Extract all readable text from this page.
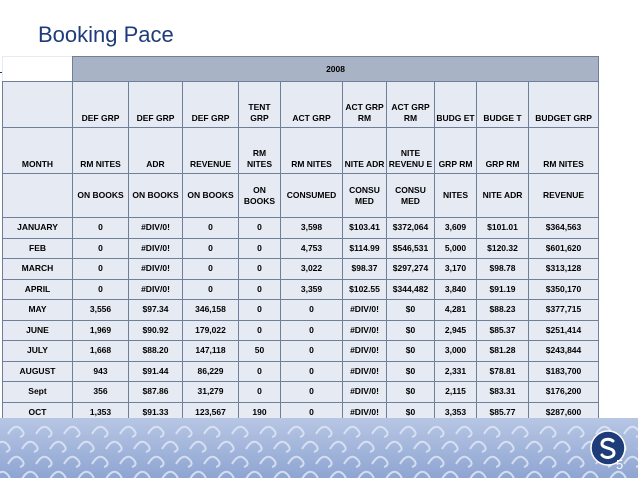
Booking Pace
	2008									
	DEF GRP	DEF GRP	DEF GRP	TENT GRP	ACT GRP	ACT GRP RM	ACT GRP RM	BUDG ET	BUDGE T	BUDGET GRP
MONTH	RM NITES	ADR	REVENUE	RM NITES	RM NITES	NITE ADR	NITE REVENU E	GRP RM	GRP RM	RM NITES
	ON BOOKS	ON BOOKS	ON BOOKS	ON BOOKS	CONSUMED	CONSU MED	CONSU MED	NITES	NITE ADR	REVENUE
JANUARY	0	#DIV/0!	0	0	3,598	$103.41	$372,064	3,609	$101.01	$364,563
FEB	0	#DIV/0!	0	0	4,753	$114.99	$546,531	5,000	$120.32	$601,620
MARCH	0	#DIV/0!	0	0	3,022	$98.37	$297,274	3,170	$98.78	$313,128
APRIL	0	#DIV/0!	0	0	3,359	$102.55	$344,482	3,840	$91.19	$350,170
MAY	3,556	$97.34	346,158	0	0	#DIV/0!	$0	4,281	$88.23	$377,715
JUNE	1,969	$90.92	179,022	0	0	#DIV/0!	$0	2,945	$85.37	$251,414
JULY	1,668	$88.20	147,118	50	0	#DIV/0!	$0	3,000	$81.28	$243,844
AUGUST	943	$91.44	86,229	0	0	#DIV/0!	$0	2,331	$78.81	$183,700
Sept	356	$87.86	31,279	0	0	#DIV/0!	$0	2,115	$83.31	$176,200
OCT	1,353	$91.33	123,567	190	0	#DIV/0!	$0	3,353	$85.77	$287,600

5
